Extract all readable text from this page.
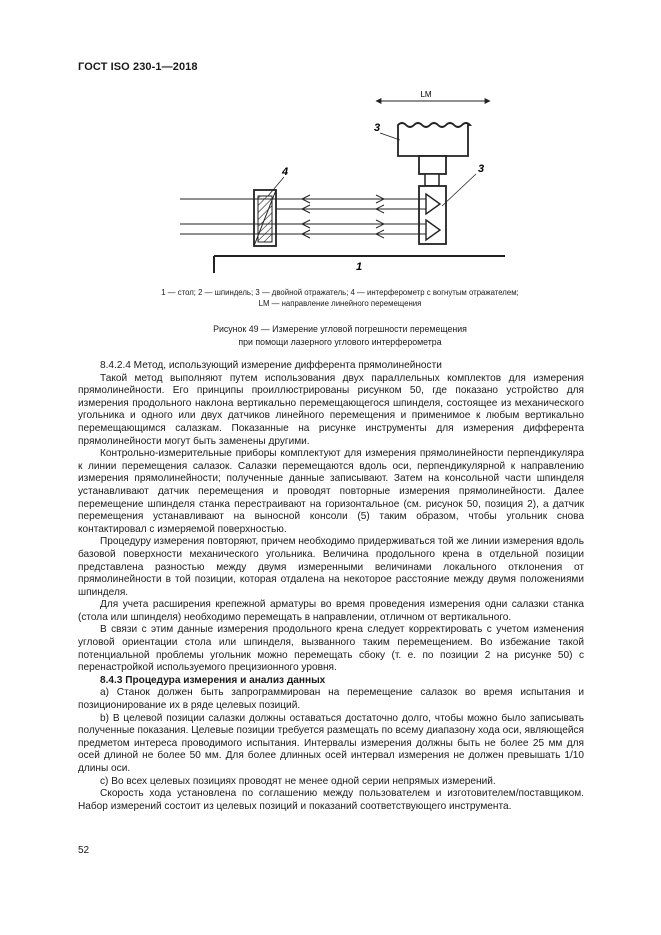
ГОСТ ISO 230-1—2018
LM
3
3
4
1
1 — стол; 2 — шпиндель; 3 — двойной отражатель; 4 — интерферометр с вогнутым отражателем;
LM — направление линейного перемещения
Рисунок 49 — Измерение угловой погрешности перемещения
при помощи лазерного углового интерферометра

8.4.2.4 Метод, использующий измерение дифферента прямолинейности

Такой метод выполняют путем использования двух параллельных комплектов для измерения прямолинейности. Его принципы проиллюстрированы рисунком 50, где показано устройство для измерения продольного наклона вертикально перемещающегося шпинделя, состоящее из механического угольника и одного или двух датчиков линейного перемещения и применимое к любым вертикально перемещающимся салазкам. Показанные на рисунке инструменты для измерения дифферента прямолинейности могут быть заменены другими.

Контрольно-измерительные приборы комплектуют для измерения прямолинейности перпендикуляра к линии перемещения салазок. Салазки перемещаются вдоль оси, перпендикулярной к направлению измерения прямолинейности; полученные данные записывают. Затем на консольной части шпинделя устанавливают датчик перемещения и проводят повторные измерения прямолинейности. Далее перемещение шпинделя станка перестраивают на горизонтальное (см. рисунок 50, позиция 2), а датчик перемещения устанавливают на выносной консоли (5) таким образом, чтобы угольник снова контактировал с измеряемой поверхностью.

Процедуру измерения повторяют, причем необходимо придерживаться той же линии измерения вдоль базовой поверхности механического угольника. Величина продольного крена в отдельной позиции представлена разностью между двумя измеренными величинами локального отклонения от прямолинейности в той позиции, которая отдалена на некоторое расстояние между двумя положениями шпинделя.

Для учета расширения крепежной арматуры во время проведения измерения одни салазки станка (стола или шпинделя) необходимо перемещать в направлении, отличном от вертикального.

В связи с этим данные измерения продольного крена следует корректировать с учетом изменения угловой ориентации стола или шпинделя, вызванного таким перемещением. Во избежание такой потенциальной проблемы угольник можно перемещать сбоку (т. е. по позиции 2 на рисунке 50) с перенастройкой используемого прецизионного уровня.

8.4.3 Процедура измерения и анализ данных

a) Станок должен быть запрограммирован на перемещение салазок во время испытания и позиционирование их в ряде целевых позиций.

b) В целевой позиции салазки должны оставаться достаточно долго, чтобы можно было записывать полученные показания. Целевые позиции требуется размещать по всему диапазону хода оси, являющейся предметом интереса проводимого испытания. Интервалы измерения должны быть не более 25 мм для осей длиной не более 50 мм. Для более длинных осей интервал измерения не должен превышать 1/10 длины оси.

c) Во всех целевых позициях проводят не менее одной серии непрямых измерений.

Скорость хода установлена по соглашению между пользователем и изготовителем/поставщиком. Набор измерений состоит из целевых позиций и показаний соответствующего инструмента.

52
